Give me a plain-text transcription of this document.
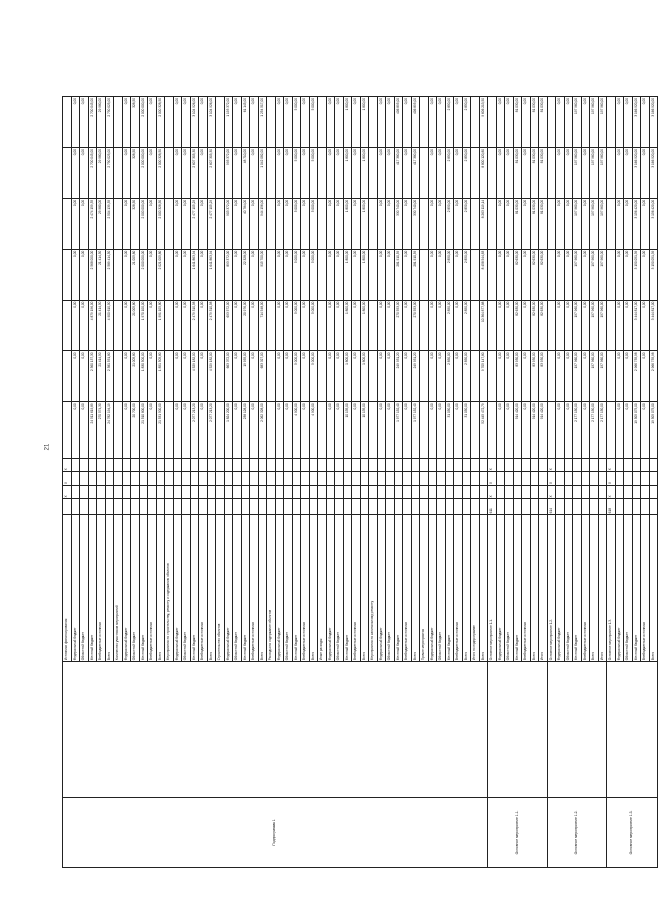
21
Подпрограмма 1		Источники финансирования		Х	Х	Х							
		Федеральный бюджет					0,00	0,00	0,00	0,00	0,00	0,00	0,00
		Областной бюджет					0,00	0,00	0,00	0,00	0,00	0,00	0,00
		Местный бюджет					24 511 619,89	2 360 137,30	4 879 196,00	2 568 000,00	2 474 159,35	2 700 045,00	2 700 045,00
		Внебюджетные источники					270 574,30	21 414,50	21 414,50	21 414,50	29 980,00	29 980,00	29 980,00
		Всего					24 782 194,19	2 381 551,80	4 900 610,50	2 589 414,50	2 504 139,35	2 730 025,00	2 730 025,00
		Количество участников мероприятий											
		Федеральный бюджет					0,00	0,00	0,00	0,00	0,00	0,00	0,00
		Областной бюджет					20 700,00	21 005,80	21 005,80	21 005,80	328,50	328,50	328,50
		Местный бюджет					21 510 800,00	1 830 500,00	1 970 100,00	2 000 000,00	2 000 000,00	2 000 000,00	2 000 000,00
		Внебюджетные источники					0,00	0,00	0,00	0,00	0,00	0,00	0,00
		Всего					21 531 500,00	1 851 505,80	1 991 105,80	2 021 005,80	2 000 328,50	2 000 328,50	2 000 328,50
		Мероприятия по строительству, ремонту и содержанию объектов											
		Федеральный бюджет					0,00	0,00	0,00	0,00	0,00	0,00	0,00
		Областной бюджет					0,00	0,00	0,00	0,00	0,00	0,00	0,00
		Местный бюджет					2 077 213,20	4 529 182,00	2 479 310,58	1 641 863,94	2 477 105,29	2 607 305,30	3 104 926,00
		Внебюджетные источники					0,00	0,00	0,00	0,00	0,00	0,00	0,00
		Всего					2 077 213,20	4 529 182,00	2 479 310,58	1 641 863,94	2 477 105,29	2 607 305,30	3 104 926,00
		Строительство объектов											
		Федеральный бюджет					1 824 200,00	663 372,00	693 572,00	893 372,00	903 372,00	993 372,00	1 193 372,00
		Областной бюджет					0,00	0,00	0,00	0,00	0,00	0,00	0,00
		Местный бюджет					238 128,00	19 955,00	20 976,00	22 328,00	40 784,00	48 710,00	61 145,00
		Внебюджетные источники					0,00	0,00	0,00	0,00	0,00	0,00	0,00
		Всего					2 062 328,00	683 327,00	714 548,00	915 700,00	944 156,00	1 042 082,00	1 254 517,00
		Расходы на содержание объектов											
		Федеральный бюджет					0,00	0,00	0,00	0,00	0,00	0,00	0,00
		Областной бюджет					0,00	0,00	0,00	0,00	0,00	0,00	0,00
		Местный бюджет					4 900,00	5 000,00	5 000,00	5 000,00	5 000,00	5 000,00	5 000,00
		Внебюджетные источники					0,00	0,00	0,00	0,00	0,00	0,00	0,00
		Всего					4 900,00	5 000,00	5 000,00	5 000,00	5 000,00	5 000,00	5 000,00
		Иные расходы											
		Федеральный бюджет					0,00	0,00	0,00	0,00	0,00	0,00	0,00
		Областной бюджет					0,00	0,00	0,00	0,00	0,00	0,00	0,00
		Местный бюджет					10 135,00	1 800,00	1 800,00	1 800,00	1 800,00	1 800,00	1 800,00
		Внебюджетные источники					0,00	0,00	0,00	0,00	0,00	0,00	0,00
		Всего					10 135,00	1 800,00	1 800,00	1 800,00	1 800,00	1 800,00	1 800,00
		Мероприятия по капитальному ремонту											
		Федеральный бюджет					0,00	0,00	0,00	0,00	0,00	0,00	0,00
		Областной бюджет					0,00	0,00	0,00	0,00	0,00	0,00	0,00
		Местный бюджет					1 977 152,40	249 931,20	270 553,00	281 910,59	330 740,00	417 380,00	406 895,00
		Внебюджетные источники					0,00	0,00	0,00	0,00	0,00	0,00	0,00
		Всего					1 977 152,40	249 931,20	270 553,00	281 910,59	330 740,00	417 380,00	406 895,00
		Прочие мероприятия											
		Федеральный бюджет					0,00	0,00	0,00	0,00	0,00	0,00	0,00
		Областной бюджет					0,00	0,00	0,00	0,00	0,00	0,00	0,00
		Местный бюджет					31 050,00	2 850,00	2 850,00	2 850,00	2 850,00	2 850,00	2 850,00
		Внебюджетные источники					0,00	0,00	0,00	0,00	0,00	0,00	0,00
		Всего					31 050,00	2 850,00	2 850,00	2 850,00	2 850,00	2 850,00	2 850,00
		Итого по подпрограмме											
		Всего					52 445 472,79	9 705 147,80	10 364 877,88	8 458 544,83	8 263 119,14	8 800 120,80	9 606 213,50
Основное мероприятие 1.1.		Основное мероприятие 1.1.	611	Х	Х	Х							
		Федеральный бюджет					0,00	0,00	0,00	0,00	0,00	0,00	0,00
		Областной бюджет					0,00	0,00	0,00	0,00	0,00	0,00	0,00
		Местный бюджет					914 420,00	83 930,00	82 630,00	82 630,00	81 030,00	81 030,00	81 030,00
		Внебюджетные источники					0,00	0,00	0,00	0,00	0,00	0,00	0,00
		Всего					914 420,00	83 930,00	82 630,00	82 630,00	81 030,00	81 030,00	81 030,00
		Итого					914 420,00	83 930,00	82 630,00	82 630,00	81 030,00	81 030,00	81 030,00
Основное мероприятие 1.2.		Основное мероприятие 1.2.	614	Х	Х	Х							
		Федеральный бюджет					0,00	0,00	0,00	0,00	0,00	0,00	0,00
		Областной бюджет					0,00	0,00	0,00	0,00	0,00	0,00	0,00
		Местный бюджет					2 177 150,00	197 960,00	197 960,00	197 960,00	197 960,00	197 960,00	197 960,00
		Внебюджетные источники					0,00	0,00	0,00	0,00	0,00	0,00	0,00
		Всего					2 177 150,00	197 960,00	197 960,00	197 960,00	197 960,00	197 960,00	197 960,00
		Итого					2 177 150,00	197 960,00	197 960,00	197 960,00	197 960,00	197 960,00	197 960,00
Основное мероприятие 1.3.		Основное мероприятие 1.3.	618	Х	Х	Х							
		Федеральный бюджет					0,00	0,00	0,00	0,00	0,00	0,00	0,00
		Областной бюджет					0,00	0,00	0,00	0,00	0,00	0,00	0,00
		Местный бюджет					19 505 075,00	2 966 735,98	3 444 817,00	3 150 051,39	3 156 420,00	3 166 920,00	3 166 920,00
		Внебюджетные источники					0,00	0,00	0,00	0,00	0,00	0,00	0,00
		Всего					19 505 075,00	2 966 735,98	3 444 817,00	3 150 051,39	3 156 420,00	3 166 920,00	3 166 920,00
